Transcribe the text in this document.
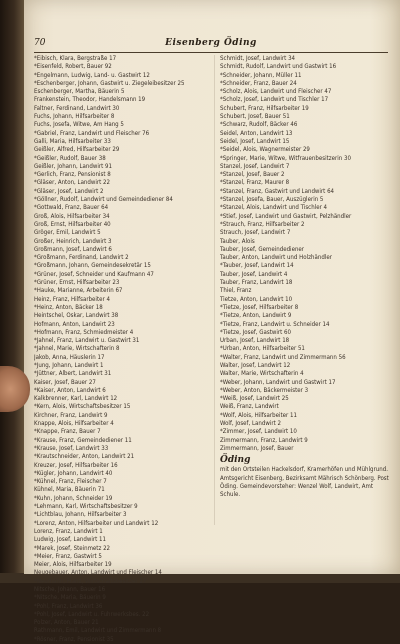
70	Eisenberg Öding
*Eibisch, Klara, Bergstraße 17
*Eisenfeld, Robert, Bauer 92
*Engelmann, Ludwig, Land- u. Gastwirt 12
*Eschenberger, Johann, Gastwirt u. Ziegeleibesitzer 25
Eschenberger, Martha, Bäuerin 5
Frankenstein, Theodor, Handelsmann 19
Faltner, Ferdinand, Landwirt 30
Fuchs, Johann, Hilfsarbeiter 8
Fuchs, Josefa, Witwe, Am Hang 5
*Gabriel, Franz, Landwirt und Fleischer 76
Galli, Maria, Hilfsarbeiter 33
Geißler, Alfred, Hilfsarbeiter 29
*Geißler, Rudolf, Bauer 38
Geißler, Johann, Landwirt 91
*Gerlich, Franz, Pensionist 8
*Gläser, Anton, Landwirt 22
*Gläser, Josef, Landwirt 2
*Göllner, Rudolf, Landwirt und Gemeindediener 84
*Gottwald, Franz, Bauer 64
Groß, Alois, Hilfsarbeiter 34
Groß, Ernst, Hilfsarbeiter 40
Gröger, Emil, Landwirt 5
Großer, Heinrich, Landwirt 3
Großmann, Josef, Landwirt 6
*Großmann, Ferdinand, Landwirt 2
*Großmann, Johann, Gemeindesekretär 15
*Grüner, Josef, Schneider und Kaufmann 47
*Grüner, Ernst, Hilfsarbeiter 23
*Hauke, Marianne, Arbeiterin 67
Heinz, Franz, Hilfsarbeiter 4
*Heinz, Anton, Bäcker 18
Heintschel, Oskar, Landwirt 38
Hofmann, Anton, Landwirt 23
*Hofmann, Franz, Schmiedmeister 4
*Jahnel, Franz, Landwirt u. Gastwirt 31
*Jahnel, Marie, Wirtschafterin 8
Jakob, Anna, Häuslerin 17
*Jung, Johann, Landwirt 1
*Jüttner, Albert, Landwirt 31
Kaiser, Josef, Bauer 27
*Kaiser, Anton, Landwirt 6
Kalkbrenner, Karl, Landwirt 12
*Kern, Alois, Wirtschaftsbesitzer 15
Kirchner, Franz, Landwirt 9
Knappe, Alois, Hilfsarbeiter 4
*Knappe, Franz, Bauer 7
*Krause, Franz, Gemeindediener 11
*Krause, Josef, Landwirt 33
*Krautschneider, Anton, Landwirt 21
Kreuzer, Josef, Hilfsarbeiter 16
*Kügler, Johann, Landwirt 40
*Kühnel, Franz, Fleischer 7
Kühnel, Maria, Bäuerin 71
*Kuhn, Johann, Schneider 19
*Lehmann, Karl, Wirtschaftsbesitzer 9
*Lichtblau, Johann, Hilfsarbeiter 3
*Lorenz, Anton, Hilfsarbeiter und Landwirt 12
Lorenz, Franz, Landwirt 1
Ludwig, Josef, Landwirt 11
*Marek, Josef, Steinmetz 22
*Meier, Franz, Gastwirt 5
Meier, Alois, Hilfsarbeiter 19
Neugebauer, Anton, Landwirt und Fleischer 14
*Neumann, Franz, Wirtschaftsbesitzer 27
Nitsche, Johann, Bauer 16
*Nitsche, Maria, Bäuerin 9
*Pohl, Franz, Landwirt 36
*Pohl, Josef, Landwirt u. Fuhrwerksbes. 22
Polzer, Anton, Bauer 21
Rathmann, Emil, Landwirt und Zimmermann 8
*Rösner, Franz, Pensionist 35
Schmidt, Josef, Landwirt 34
Schmidt, Rudolf, Landwirt und Gastwirt 16
*Schneider, Johann, Müller 11
*Schneider, Franz, Bauer 24
*Scholz, Alois, Landwirt und Fleischer 47
*Scholz, Josef, Landwirt und Tischler 17
Schubert, Franz, Hilfsarbeiter 19
Schubert, Josef, Bauer 51
*Schwarz, Rudolf, Bäcker 46
Seidel, Anton, Landwirt 13
Seidel, Josef, Landwirt 15
*Seidel, Alois, Wagnermeister 29
*Springer, Marie, Witwe, Witfrauenbesitzerin 30
Stanzel, Josef, Landwirt 7
*Stanzel, Josef, Bauer 2
*Stanzel, Franz, Maurer 8
*Stanzel, Franz, Gastwirt und Landwirt 64
*Stanzel, Josefa, Bauer, Auszüglerin 5
*Stanzel, Alois, Landwirt und Tischler 4
*Stief, Josef, Landwirt und Gastwirt, Pelzhändler
*Strauch, Franz, Hilfsarbeiter 2
Strauch, Josef, Landwirt 7
Tauber, Alois
Tauber, Josef, Gemeindediener
Tauber, Anton, Landwirt und Holzhändler
*Tauber, Josef, Landwirt 14
Tauber, Josef, Landwirt 4
Tauber, Franz, Landwirt 18
Thiel, Franz
Tietze, Anton, Landwirt 10
*Tietze, Josef, Hilfsarbeiter 8
*Tietze, Anton, Landwirt 9
*Tietze, Franz, Landwirt u. Schneider 14
*Tietze, Josef, Gastwirt 60
Urban, Josef, Landwirt 18
*Urban, Anton, Hilfsarbeiter 51
*Walter, Franz, Landwirt und Zimmermann 56
Walter, Josef, Landwirt 12
Walter, Marie, Wirtschafterin 4
*Weber, Johann, Landwirt und Gastwirt 17
*Weber, Anton, Bäckermeister 3
*Weiß, Josef, Landwirt 25
Weiß, Franz, Landwirt
*Wolf, Alois, Hilfsarbeiter 11
Wolf, Josef, Landwirt 2
*Zimmer, Josef, Landwirt 10
Zimmermann, Franz, Landwirt 9
Zimmermann, Josef, Bauer
Öding
mit den Ortsteilen Hackelsdorf, Kramerhöfen und Mühlgrund. Amtsgericht Eisenberg, Bezirksamt Mährisch Schönberg. Post Öding. Gemeindevorsteher: Wenzel Wolf, Landwirt, Amt Schule.
